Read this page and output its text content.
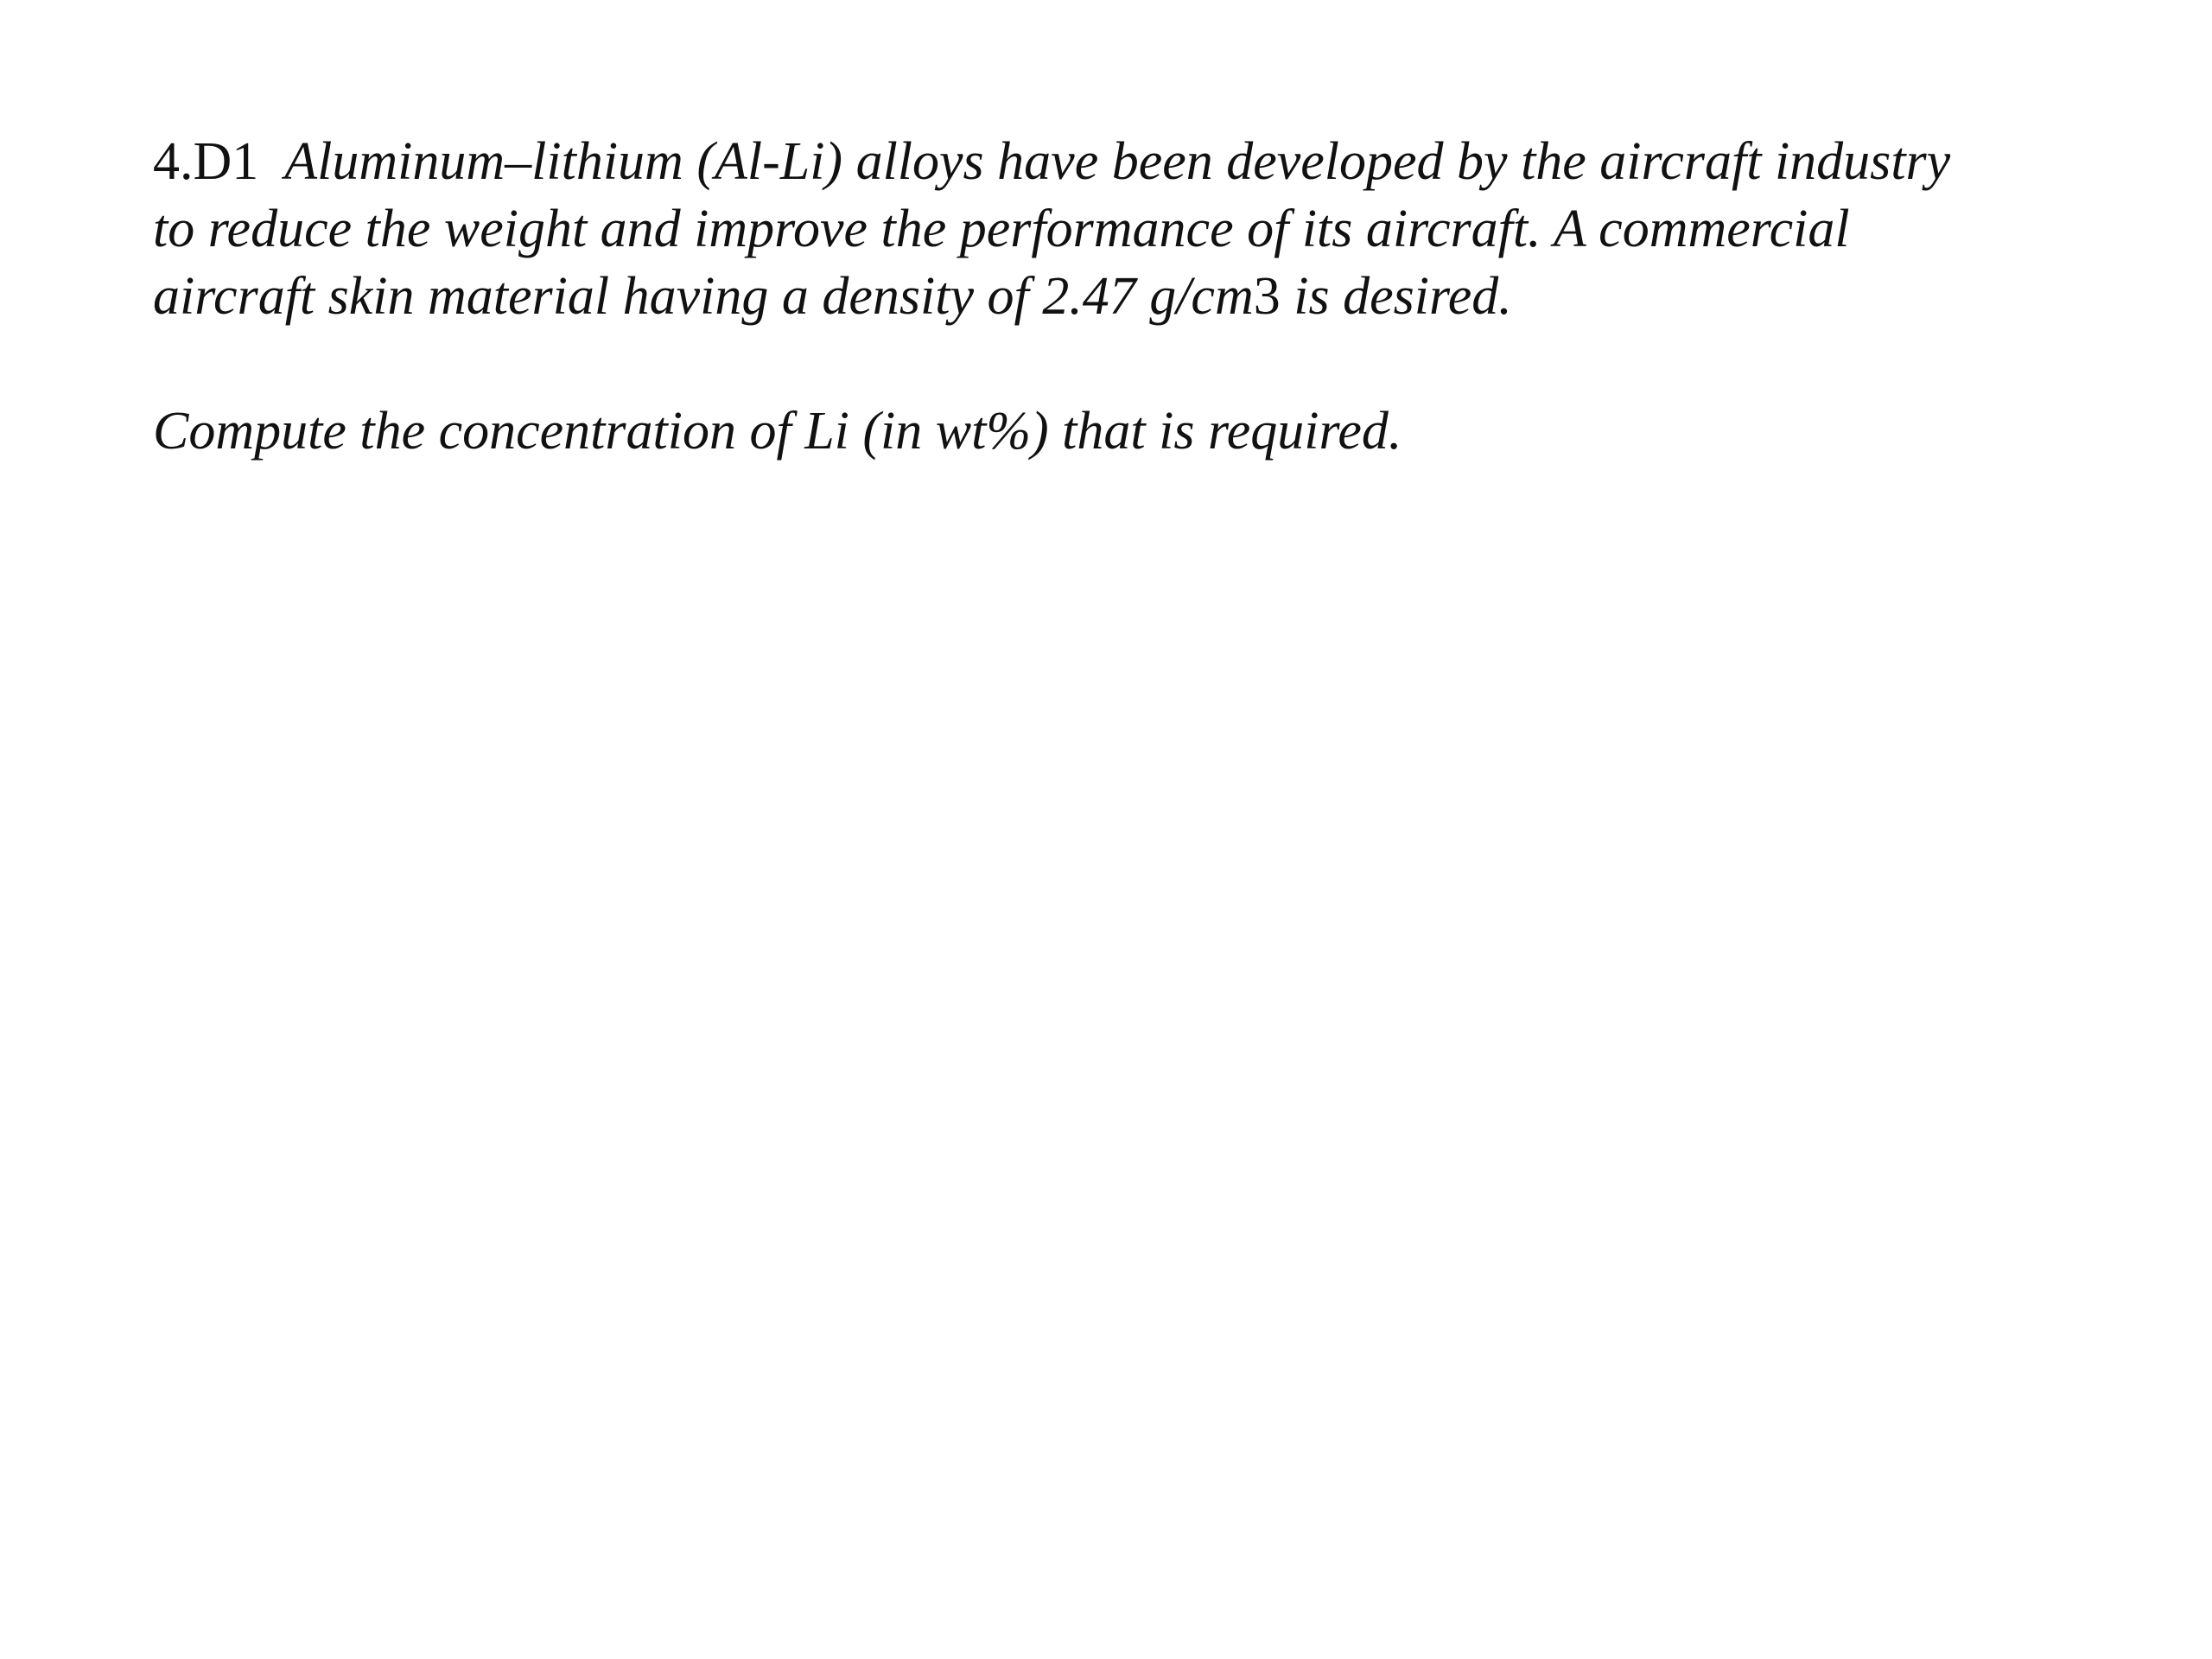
4.D1 Aluminum–lithium (Al-Li) alloys have been developed by the aircraft industry
to reduce the weight and improve the performance of its aircraft. A commercial
aircraft skin material having a density of 2.47 g/cm3 is desired.
Compute the concentration of Li (in wt%) that is required.
